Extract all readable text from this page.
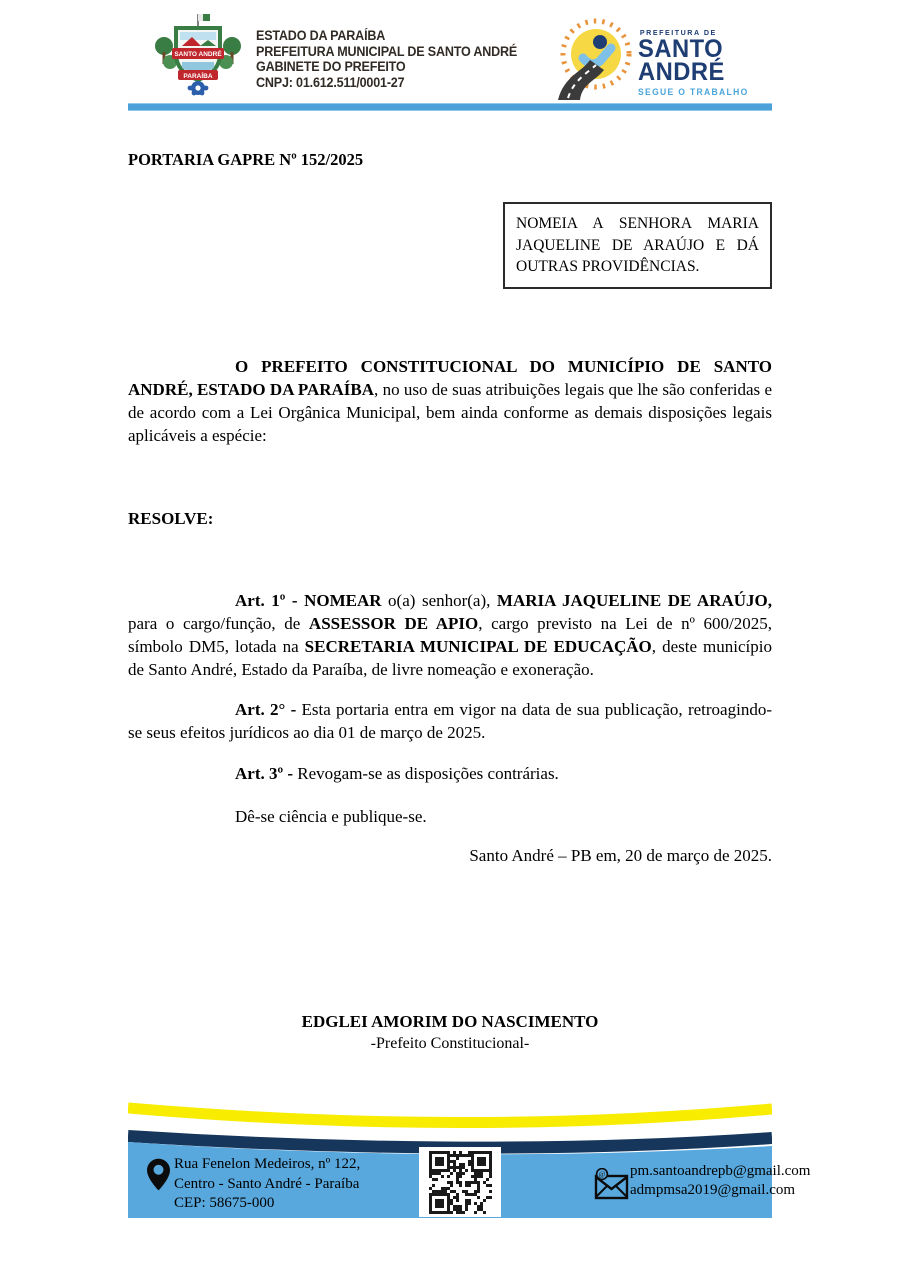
SANTO ANDRÉ
PARAÍBA
ESTADO DA PARAÍBA
PREFEITURA MUNICIPAL DE SANTO ANDRÉ
GABINETE DO PREFEITO
CNPJ: 01.612.511/0001-27
PREFEITURA DE
SANTO
ANDRÉ
SEGUE O TRABALHO
PORTARIA GAPRE Nº 152/2025
NOMEIA A SENHORA MARIA JAQUELINE DE ARAÚJO E DÁ OUTRAS PROVIDÊNCIAS.

O PREFEITO CONSTITUCIONAL DO MUNICÍPIO DE SANTO ANDRÉ, ESTADO DA PARAÍBA, no uso de suas atribuições legais que lhe são conferidas e de acordo com a Lei Orgânica Municipal, bem ainda conforme as demais disposições legais aplicáveis a espécie:

RESOLVE:

Art. 1º - NOMEAR o(a) senhor(a), MARIA JAQUELINE DE ARAÚJO, para o cargo/função, de ASSESSOR DE APIO, cargo previsto na Lei de nº 600/2025, símbolo DM5, lotada na SECRETARIA MUNICIPAL DE EDUCAÇÃO, deste município de Santo André, Estado da Paraíba, de livre nomeação e exoneração.

Art. 2° - Esta portaria entra em vigor na data de sua publicação, retroagindo-se seus efeitos jurídicos ao dia 01 de março de 2025.

Art. 3º - Revogam-se as disposições contrárias.

Dê-se ciência e publique-se.

Santo André – PB em, 20 de março de 2025.

EDGLEI AMORIM DO NASCIMENTO
-Prefeito Constitucional-
Rua Fenelon Medeiros, nº 122,
Centro - Santo André - Paraíba
CEP: 58675-000
@ pm.santoandrepb@gmail.com
admpmsa2019@gmail.com
